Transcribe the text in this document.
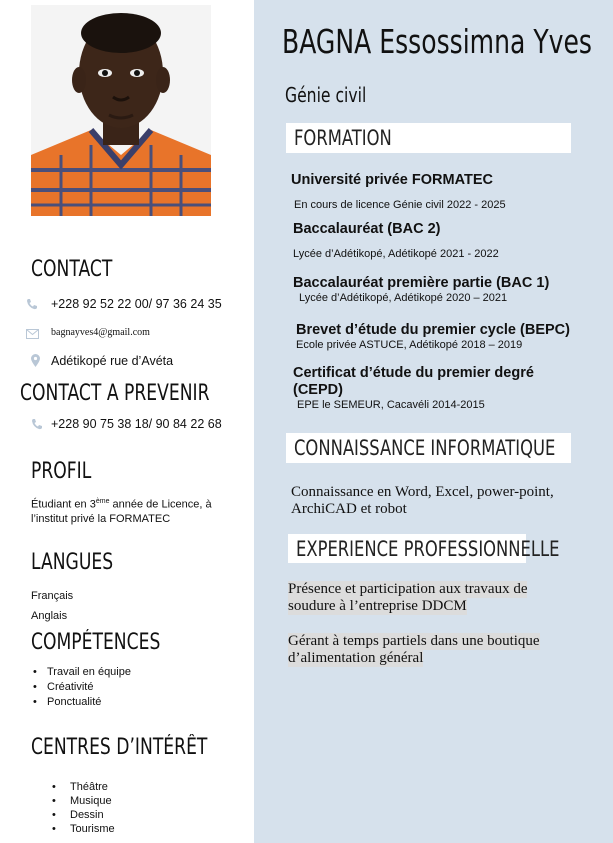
CONTACT
+228 92 52 22 00/ 97 36 24 35
bagnayves4@gmail.com
Adétikopé rue d’Avéta
CONTACT A PREVENIR
+228 90 75 38 18/ 90 84 22 68
PROFIL
Étudiant en 3ème année de Licence, à
l’institut privé la FORMATEC
LANGUES
Français
Anglais
COMPÉTENCES
• Travail en équipe
• Créativité
• Ponctualité
CENTRES D’INTÉRÊT
• Théâtre
• Musique
• Dessin
• Tourisme
BAGNA Essossimna Yves
Génie civil
FORMATION
Université privée FORMATEC
En cours de licence Génie civil 2022 - 2025
Baccalauréat (BAC 2)
Lycée d’Adétikopé, Adétikopé 2021 - 2022
Baccalauréat première partie (BAC 1)
Lycée d’Adétikopé, Adétikopé 2020 – 2021
Brevet d’étude du premier cycle (BEPC)
Ecole privée ASTUCE, Adétikopé 2018 – 2019
Certificat d’étude du premier degré
(CEPD)
EPE le SEMEUR, Cacavéli 2014-2015
CONNAISSANCE INFORMATIQUE
Connaissance en Word, Excel, power-point,
ArchiCAD et robot
EXPERIENCE PROFESSIONNELLE
Présence et participation aux travaux de
soudure à l’entreprise DDCM
Gérant à temps partiels dans une boutique
d’alimentation général
